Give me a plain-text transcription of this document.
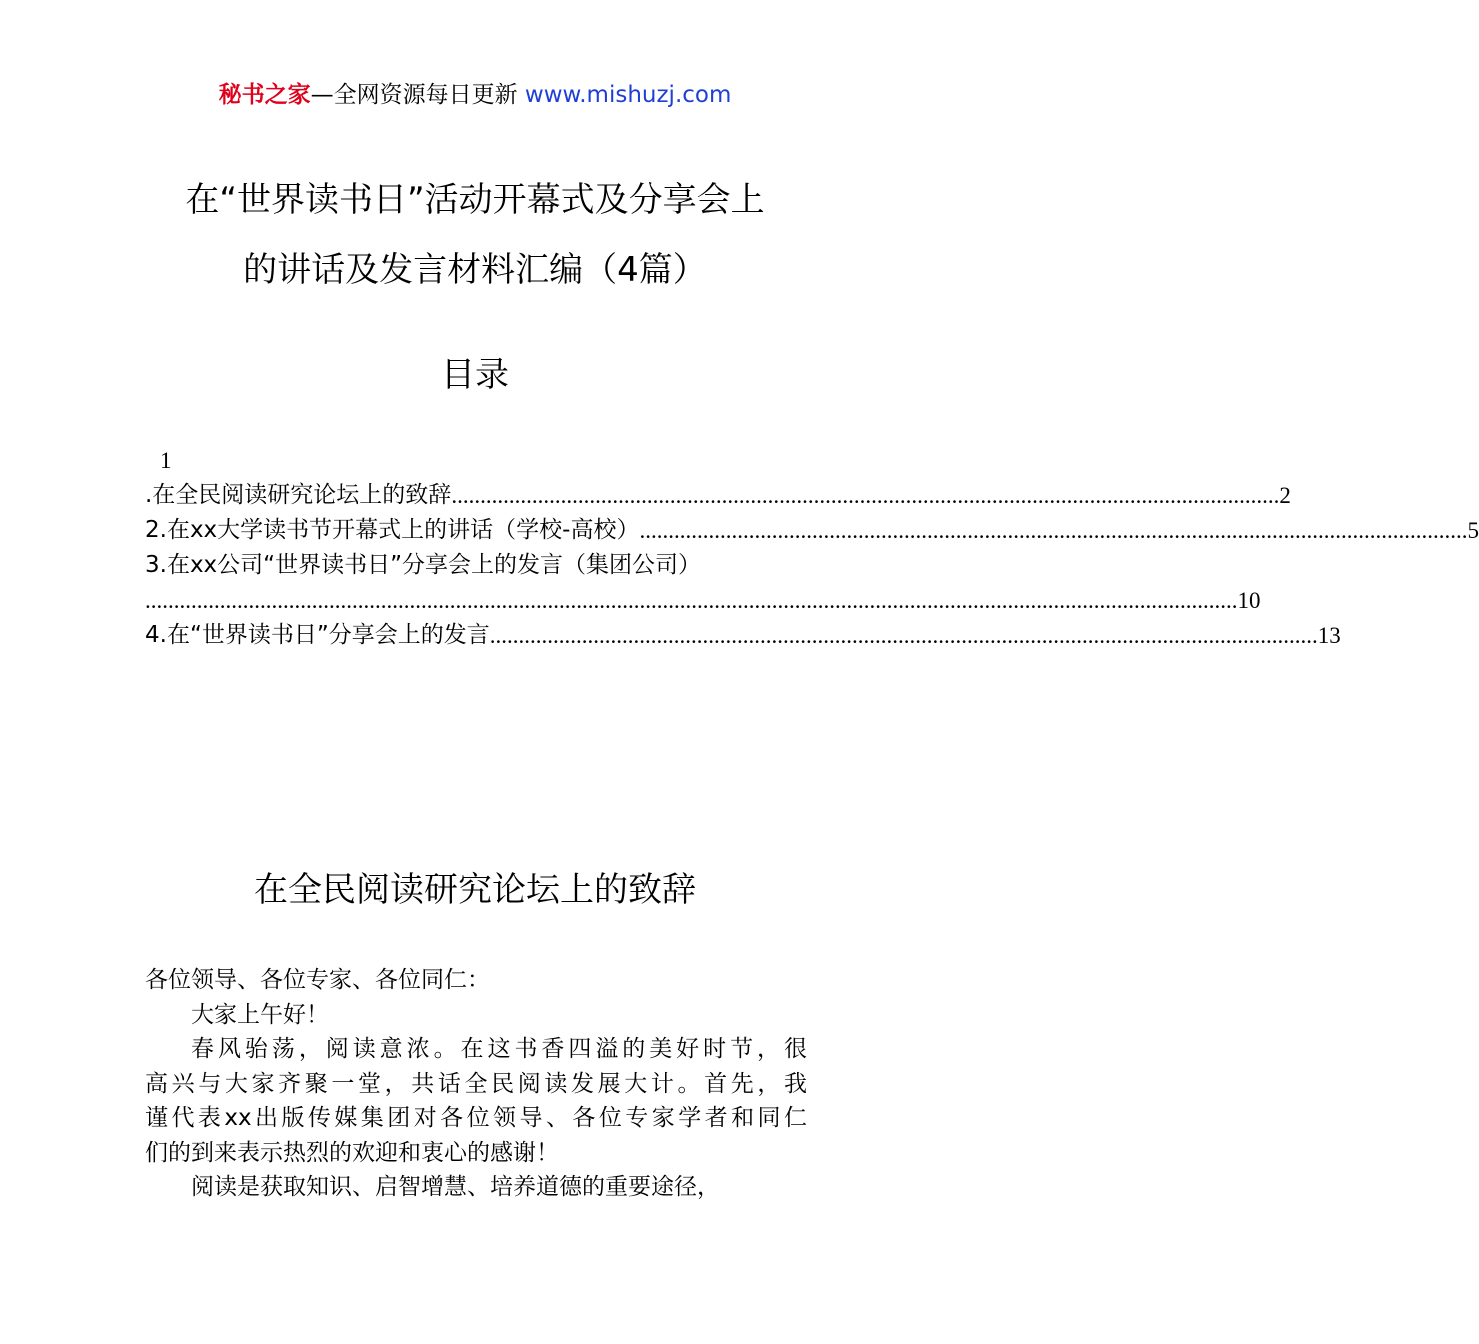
秘书之家—全网资源每日更新 www.mishuzj.com
在“世界读书日”活动开幕式及分享会上
的讲话及发言材料汇编（4篇）
目录
1
.在全民阅读研究论坛上的致辞 ................................................................................................................................................ 2
2.在xx大学读书节开幕式上的讲话（学校-高校） ................................................................................................................................................ 5
3.在xx公司“世界读书日”分享会上的发言（集团公司）
.............................................................................................................................................................................................. 10
4.在“世界读书日”分享会上的发言 ................................................................................................................................................ 13
在全民阅读研究论坛上的致辞

各位领导、各位专家、各位同仁：

大家上午好！

春风骀荡，阅读意浓。在这书香四溢的美好时节，很

高兴与大家齐聚一堂，共话全民阅读发展大计。首先，我

谨代表xx出版传媒集团对各位领导、各位专家学者和同仁

们的到来表示热烈的欢迎和衷心的感谢！

阅读是获取知识、启智增慧、培养道德的重要途径，
